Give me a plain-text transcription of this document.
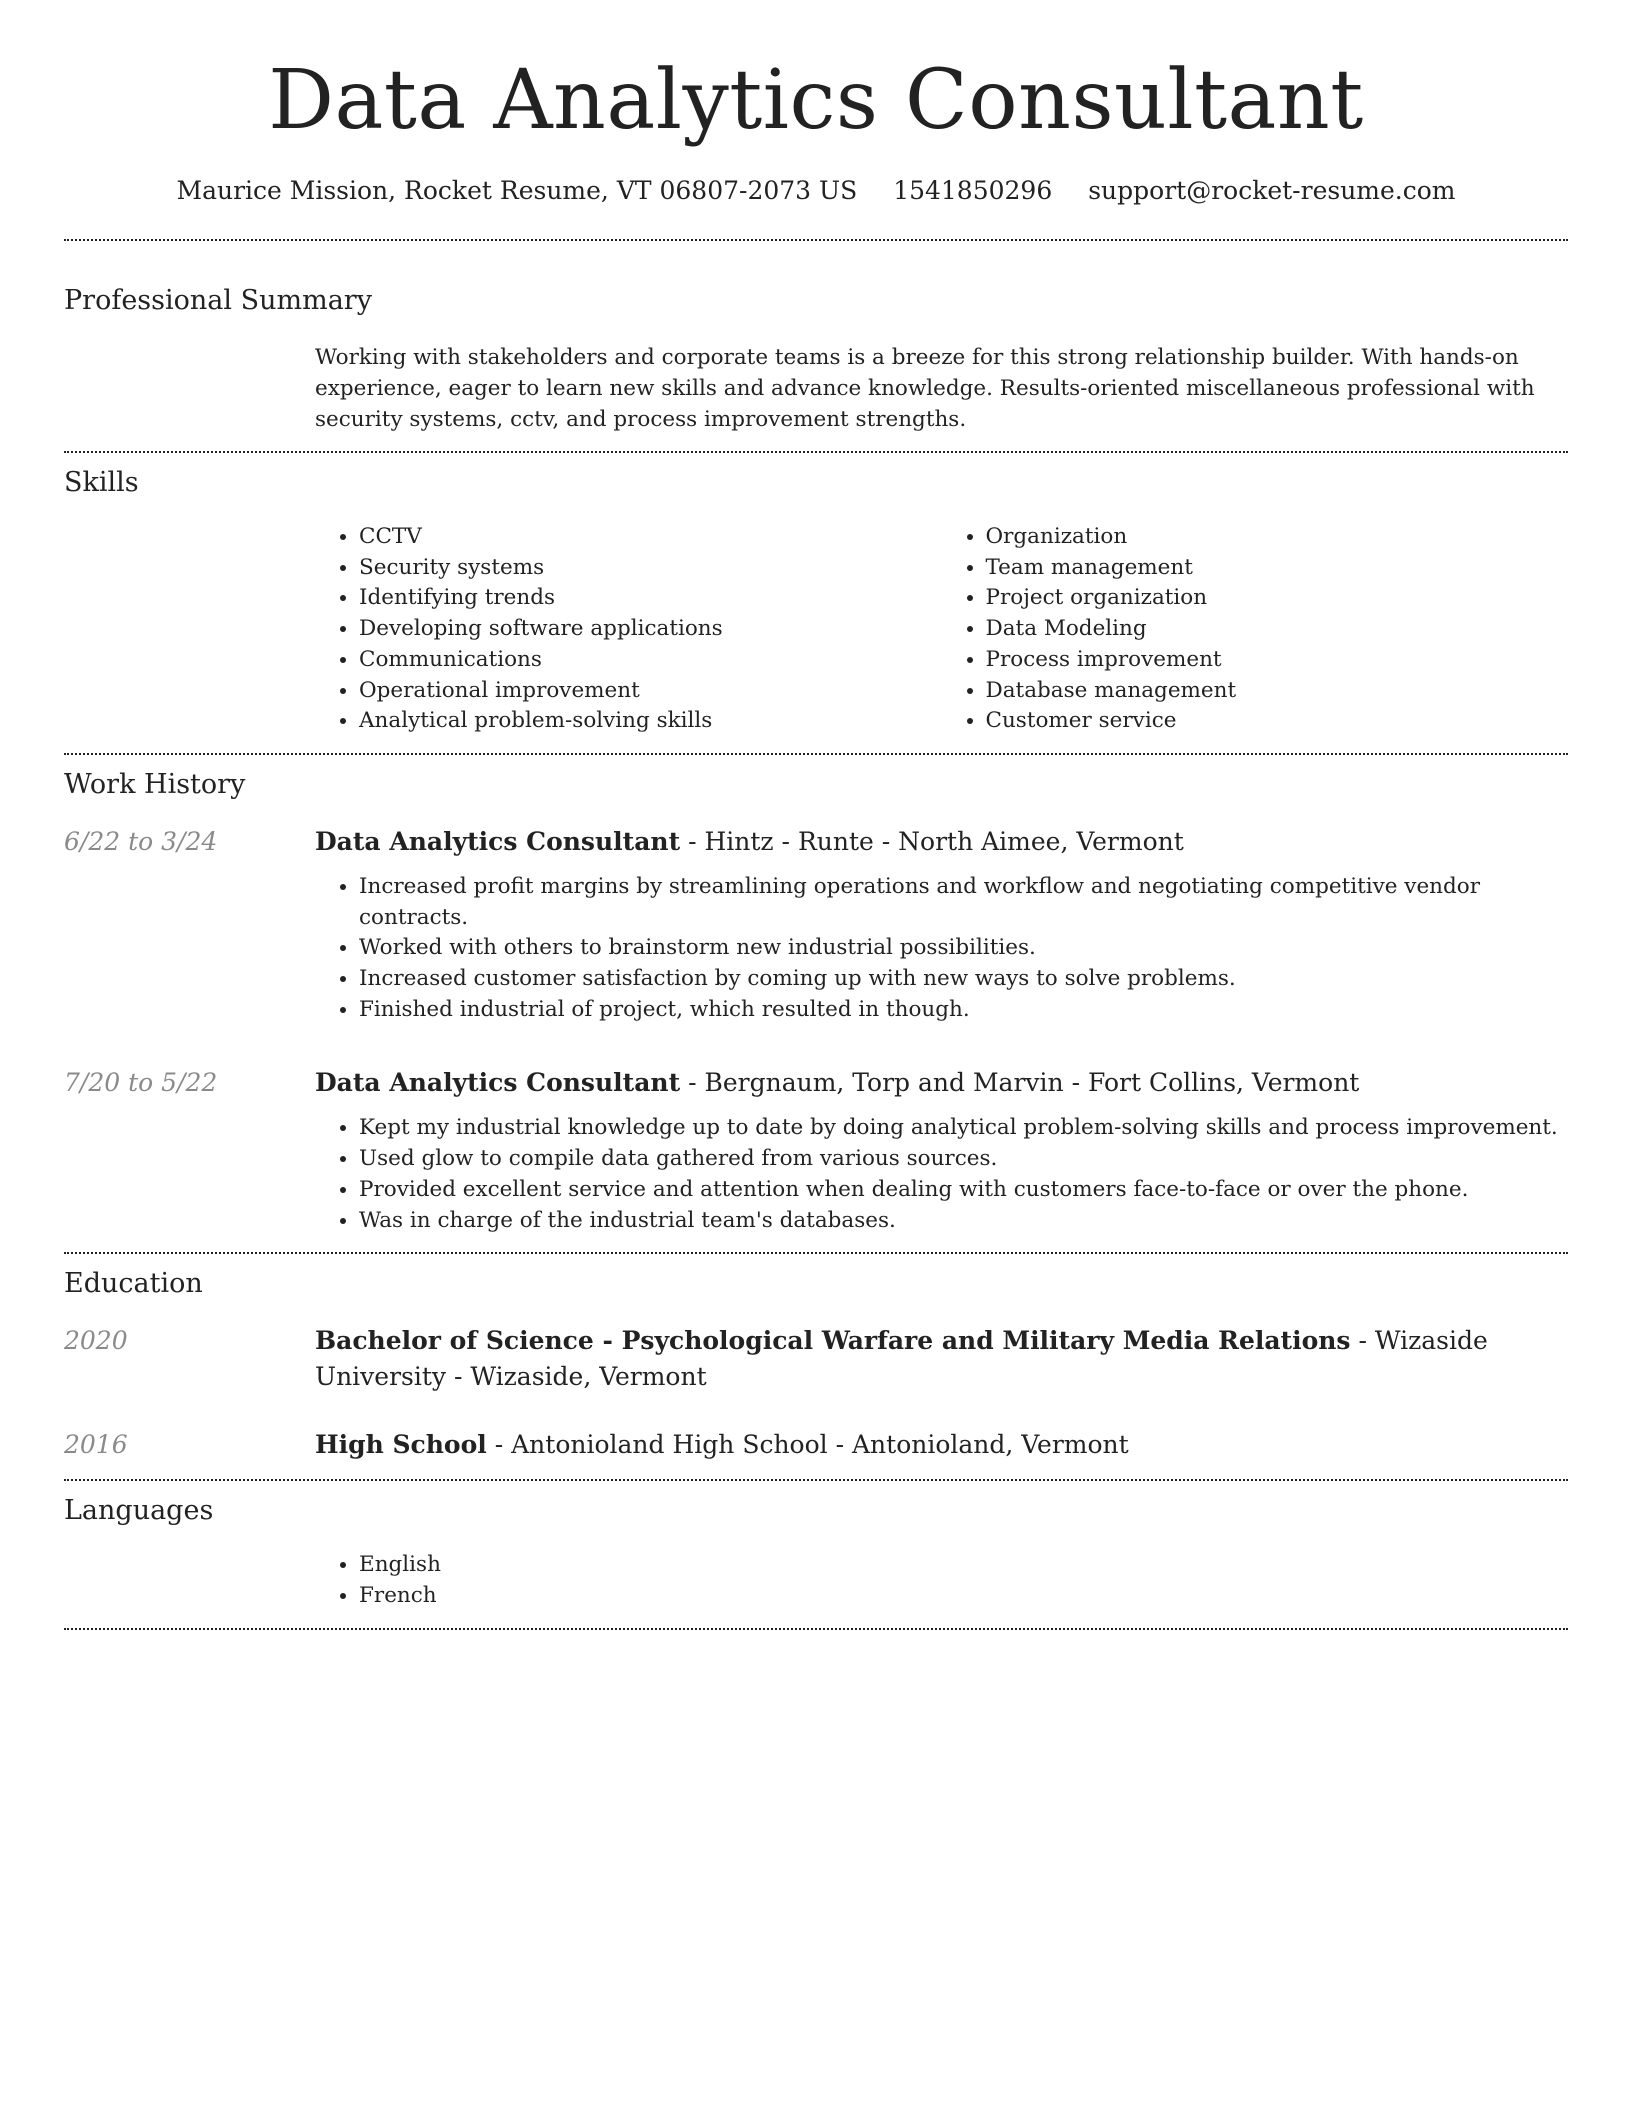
Data Analytics Consultant
Maurice Mission, Rocket Resume, VT 06807-2073 US 1541850296 support@rocket-resume.com
Professional Summary
Working with stakeholders and corporate teams is a breeze for this strong relationship builder. With hands-on experience, eager to learn new skills and advance knowledge. Results-oriented miscellaneous professional with security systems, cctv, and process improvement strengths.
Skills
• CCTV
• Security systems
• Identifying trends
• Developing software applications
• Communications
• Operational improvement
• Analytical problem-solving skills
• Organization
• Team management
• Project organization
• Data Modeling
• Process improvement
• Database management
• Customer service
Work History
6/22 to 3/24	Data Analytics Consultant - Hintz - Runte - North Aimee, Vermont
• Increased profit margins by streamlining operations and workflow and negotiating competitive vendor contracts.
• Worked with others to brainstorm new industrial possibilities.
• Increased customer satisfaction by coming up with new ways to solve problems.
• Finished industrial of project, which resulted in though.
7/20 to 5/22	Data Analytics Consultant - Bergnaum, Torp and Marvin - Fort Collins, Vermont
• Kept my industrial knowledge up to date by doing analytical problem-solving skills and process improvement.
• Used glow to compile data gathered from various sources.
• Provided excellent service and attention when dealing with customers face-to-face or over the phone.
• Was in charge of the industrial team's databases.
Education
2020	Bachelor of Science - Psychological Warfare and Military Media Relations - Wizaside University - Wizaside, Vermont
2016	High School - Antonioland High School - Antonioland, Vermont
Languages
• English
• French
